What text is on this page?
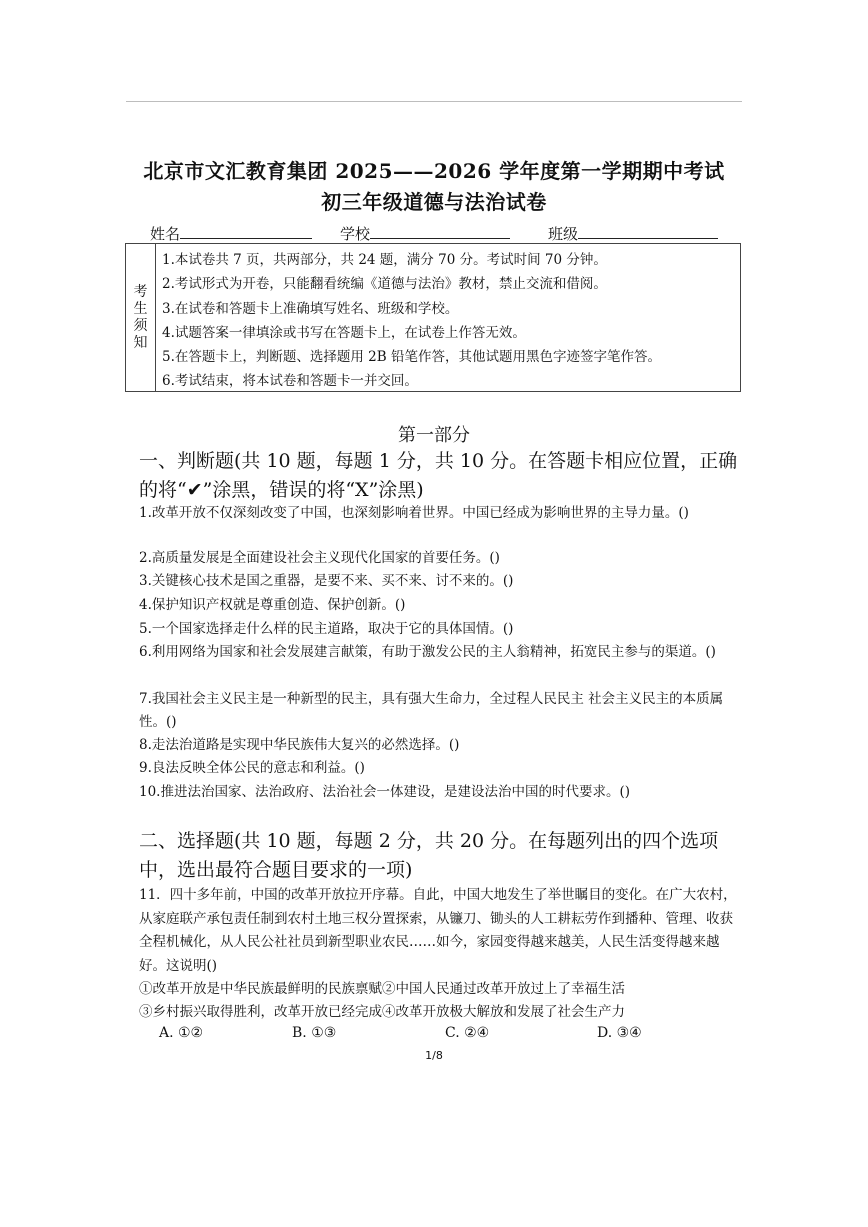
北京市文汇教育集团 2025——2026 学年度第一学期期中考试
初三年级道德与法治试卷
姓名	学校	班级
考
生
须
知
1.本试卷共 7 页，共两部分，共 24 题，满分 70 分。考试时间 70 分钟。
2.考试形式为开卷，只能翻看统编《道德与法治》教材，禁止交流和借阅。
3.在试卷和答题卡上准确填写姓名、班级和学校。
4.试题答案一律填涂或书写在答题卡上，在试卷上作答无效。
5.在答题卡上，判断题、选择题用 2B 铅笔作答，其他试题用黑色字迹签字笔作答。
6.考试结束，将本试卷和答题卡一并交回。
第一部分
一、判断题(共 10 题，每题 1 分，共 10 分。在答题卡相应位置，正确的将“✔”涂黑，错误的将“X”涂黑)
1.改革开放不仅深刻改变了中国，也深刻影响着世界。中国已经成为影响世界的主导力量。()
2.高质量发展是全面建设社会主义现代化国家的首要任务。()
3.关键核心技术是国之重器，是要不来、买不来、讨不来的。()
4.保护知识产权就是尊重创造、保护创新。()
5.一个国家选择走什么样的民主道路，取决于它的具体国情。()
6.利用网络为国家和社会发展建言献策，有助于激发公民的主人翁精神，拓宽民主参与的渠道。()
7.我国社会主义民主是一种新型的民主，具有强大生命力，全过程人民民主 社会主义民主的本质属性。()
8.走法治道路是实现中华民族伟大复兴的必然选择。()
9.良法反映全体公民的意志和利益。()
10.推进法治国家、法治政府、法治社会一体建设，是建设法治中国的时代要求。()
二、选择题(共 10 题，每题 2 分，共 20 分。在每题列出的四个选项中，选出最符合题目要求的一项)
11．四十多年前，中国的改革开放拉开序幕。自此，中国大地发生了举世瞩目的变化。在广大农村，从家庭联产承包责任制到农村土地三权分置探索，从镰刀、锄头的人工耕耘劳作到播种、管理、收获全程机械化，从人民公社社员到新型职业农民……如今，家园变得越来越美，人民生活变得越来越好。这说明()
①改革开放是中华民族最鲜明的民族禀赋②中国人民通过改革开放过上了幸福生活
③乡村振兴取得胜利，改革开放已经完成④改革开放极大解放和发展了社会生产力
A. ①②	B. ①③	C. ②④	D. ③④
1/8
